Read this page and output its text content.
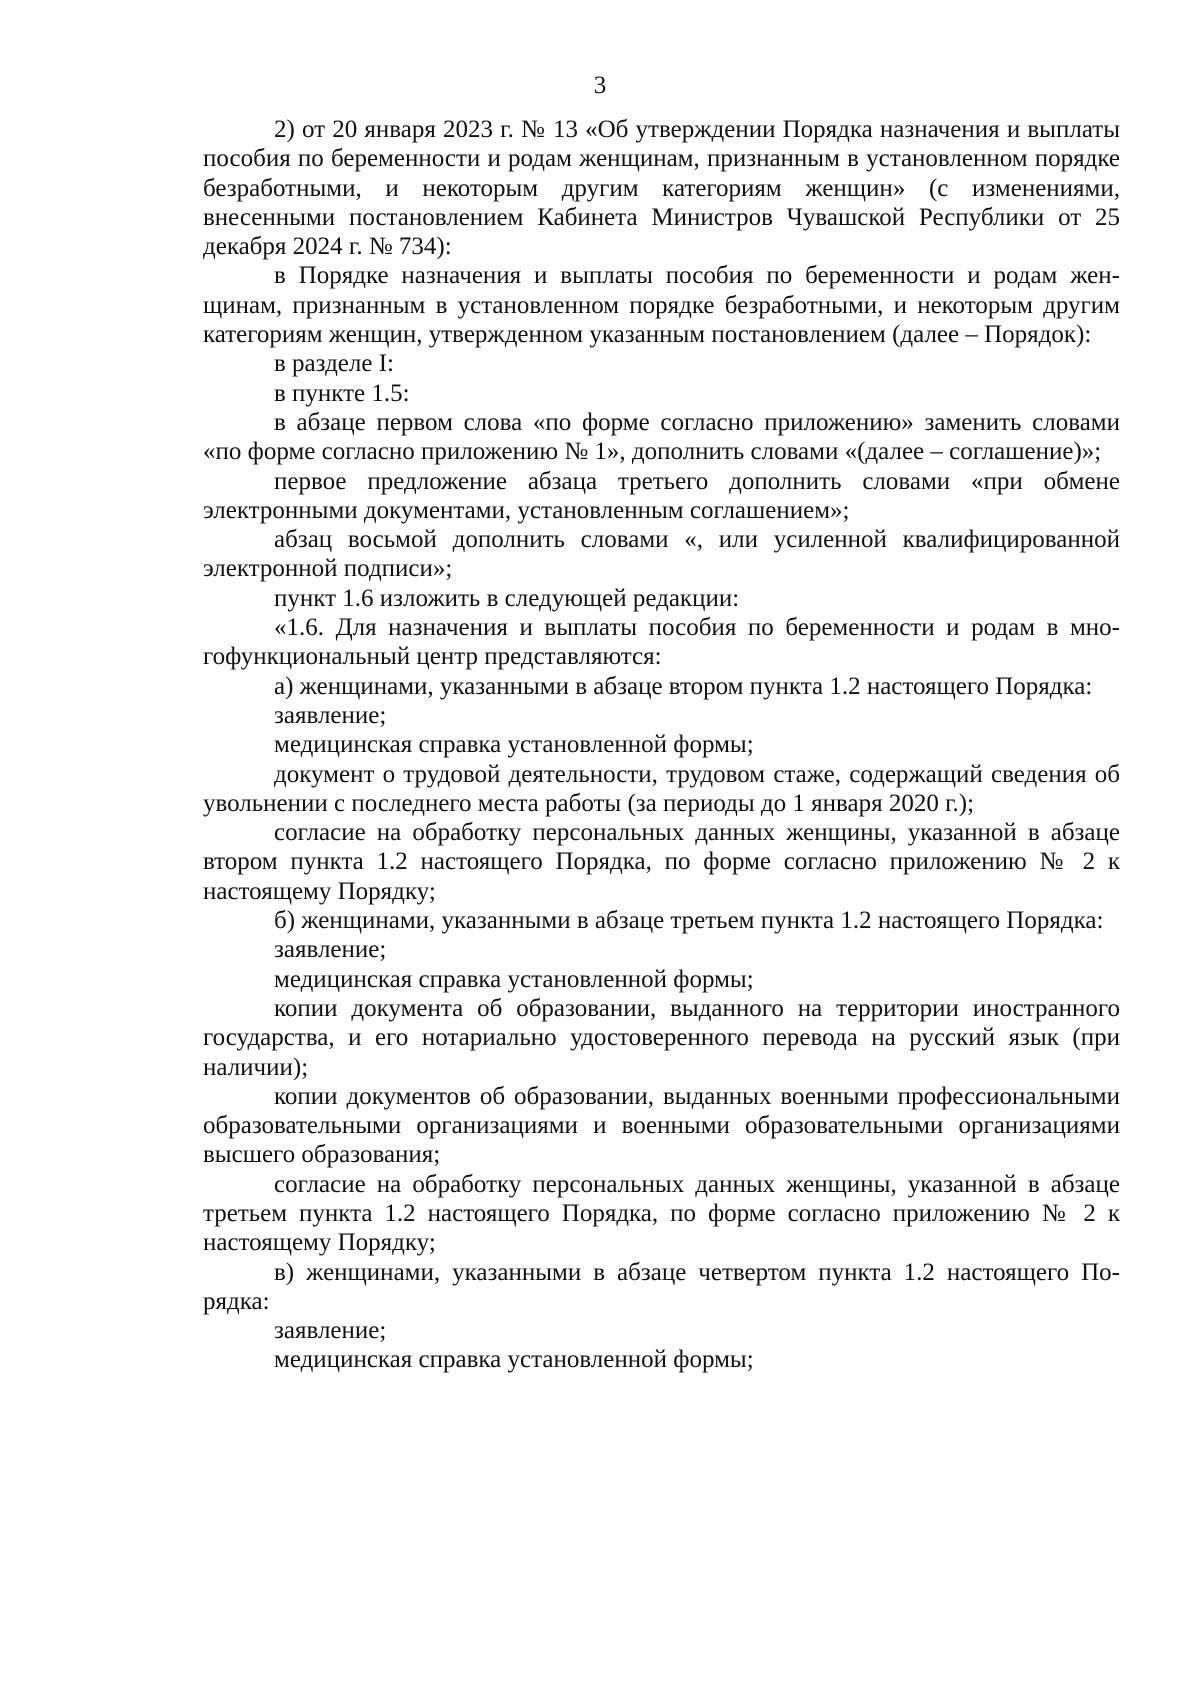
3

2) от 20 января 2023 г. № 13 «Об утверждении Порядка назначения и выплаты пособия по беременности и родам женщинам, признанным в установленном порядке безработными, и некоторым другим категориям женщин» (с изменениями, внесенными постановлением Кабинета Министров Чувашской Республики от 25 декабря 2024 г. № 734):

в Порядке назначения и выплаты пособия по беременности и родам женщинам, признанным в установленном порядке безработными, и некоторым другим категориям женщин, утвержденном указанным постановлением (далее – Порядок):

в разделе I:

в пункте 1.5:

в абзаце первом слова «по форме согласно приложению» заменить словами «по форме согласно приложению № 1», дополнить словами «(далее – соглашение)»;

первое предложение абзаца третьего дополнить словами «при обмене электронными документами, установленным соглашением»;

абзац восьмой дополнить словами «, или усиленной квалифицированной электронной подписи»;

пункт 1.6 изложить в следующей редакции:

«1.6. Для назначения и выплаты пособия по беременности и родам в многофункциональный центр представляются:

а) женщинами, указанными в абзаце втором пункта 1.2 настоящего Порядка:

заявление;

медицинская справка установленной формы;

документ о трудовой деятельности, трудовом стаже, содержащий сведения об увольнении с последнего места работы (за периоды до 1 января 2020 г.);

согласие на обработку персональных данных женщины, указанной в абзаце втором пункта 1.2 настоящего Порядка, по форме согласно приложению № 2 к настоящему Порядку;

б) женщинами, указанными в абзаце третьем пункта 1.2 настоящего Порядка:

заявление;

медицинская справка установленной формы;

копии документа об образовании, выданного на территории иностранного государства, и его нотариально удостоверенного перевода на русский язык (при наличии);

копии документов об образовании, выданных военными профессиональными образовательными организациями и военными образовательными организациями высшего образования;

согласие на обработку персональных данных женщины, указанной в абзаце третьем пункта 1.2 настоящего Порядка, по форме согласно приложению № 2 к настоящему Порядку;

в) женщинами, указанными в абзаце четвертом пункта 1.2 настоящего Порядка:

заявление;

медицинская справка установленной формы;
